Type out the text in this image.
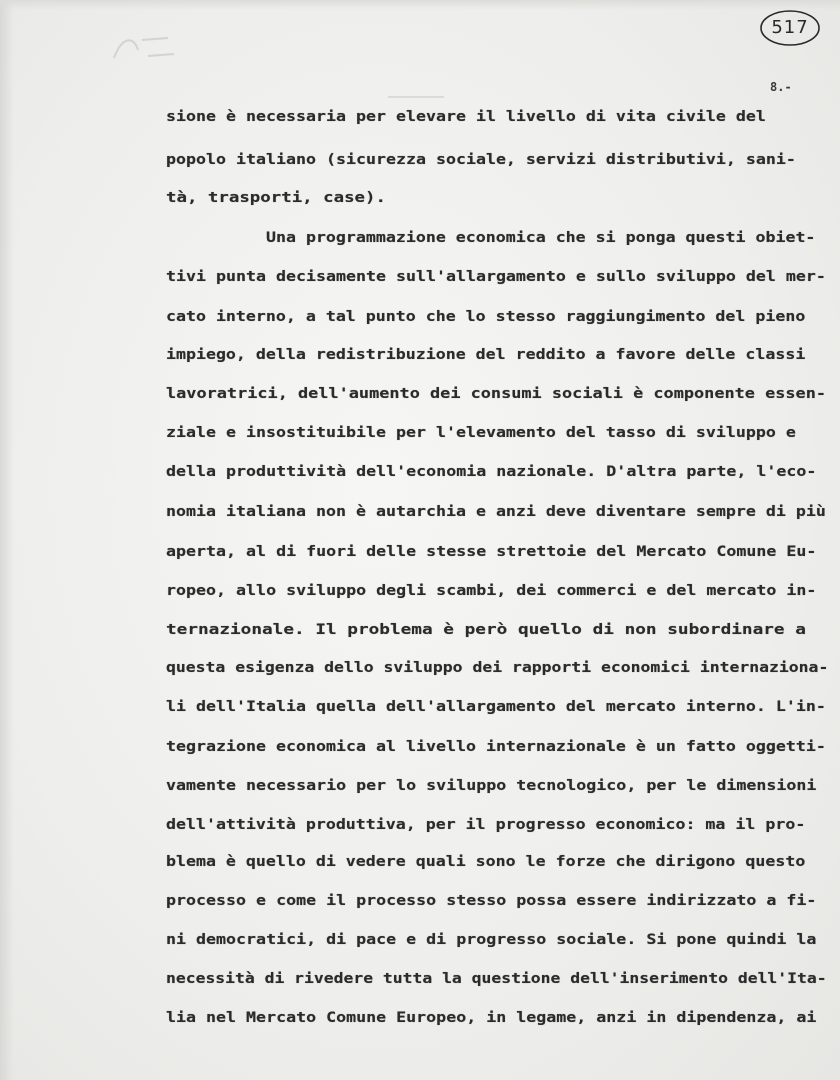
517
8.-
sione è necessaria per elevare il livello di vita civile del
popolo italiano (sicurezza sociale, servizi distributivi, sani-
tà, trasporti, case).
Una programmazione economica che si ponga questi obiet-
tivi punta decisamente sull'allargamento e sullo sviluppo del mer-
cato interno, a tal punto che lo stesso raggiungimento del pieno
impiego, della redistribuzione del reddito a favore delle classi
lavoratrici, dell'aumento dei consumi sociali è componente essen-
ziale e insostituibile per l'elevamento del tasso di sviluppo e
della produttività dell'economia nazionale. D'altra parte, l'eco-
nomia italiana non è autarchia e anzi deve diventare sempre di più
aperta, al di fuori delle stesse strettoie del Mercato Comune Eu-
ropeo, allo sviluppo degli scambi, dei commerci e del mercato in-
ternazionale. Il problema è però quello di non subordinare a
questa esigenza dello sviluppo dei rapporti economici internaziona-
li dell'Italia quella dell'allargamento del mercato interno. L'in-
tegrazione economica al livello internazionale è un fatto oggetti-
vamente necessario per lo sviluppo tecnologico, per le dimensioni
dell'attività produttiva, per il progresso economico: ma il pro-
blema è quello di vedere quali sono le forze che dirigono questo
processo e come il processo stesso possa essere indirizzato a fi-
ni democratici, di pace e di progresso sociale. Si pone quindi la
necessità di rivedere tutta la questione dell'inserimento dell'Ita-
lia nel Mercato Comune Europeo, in legame, anzi in dipendenza, ai
